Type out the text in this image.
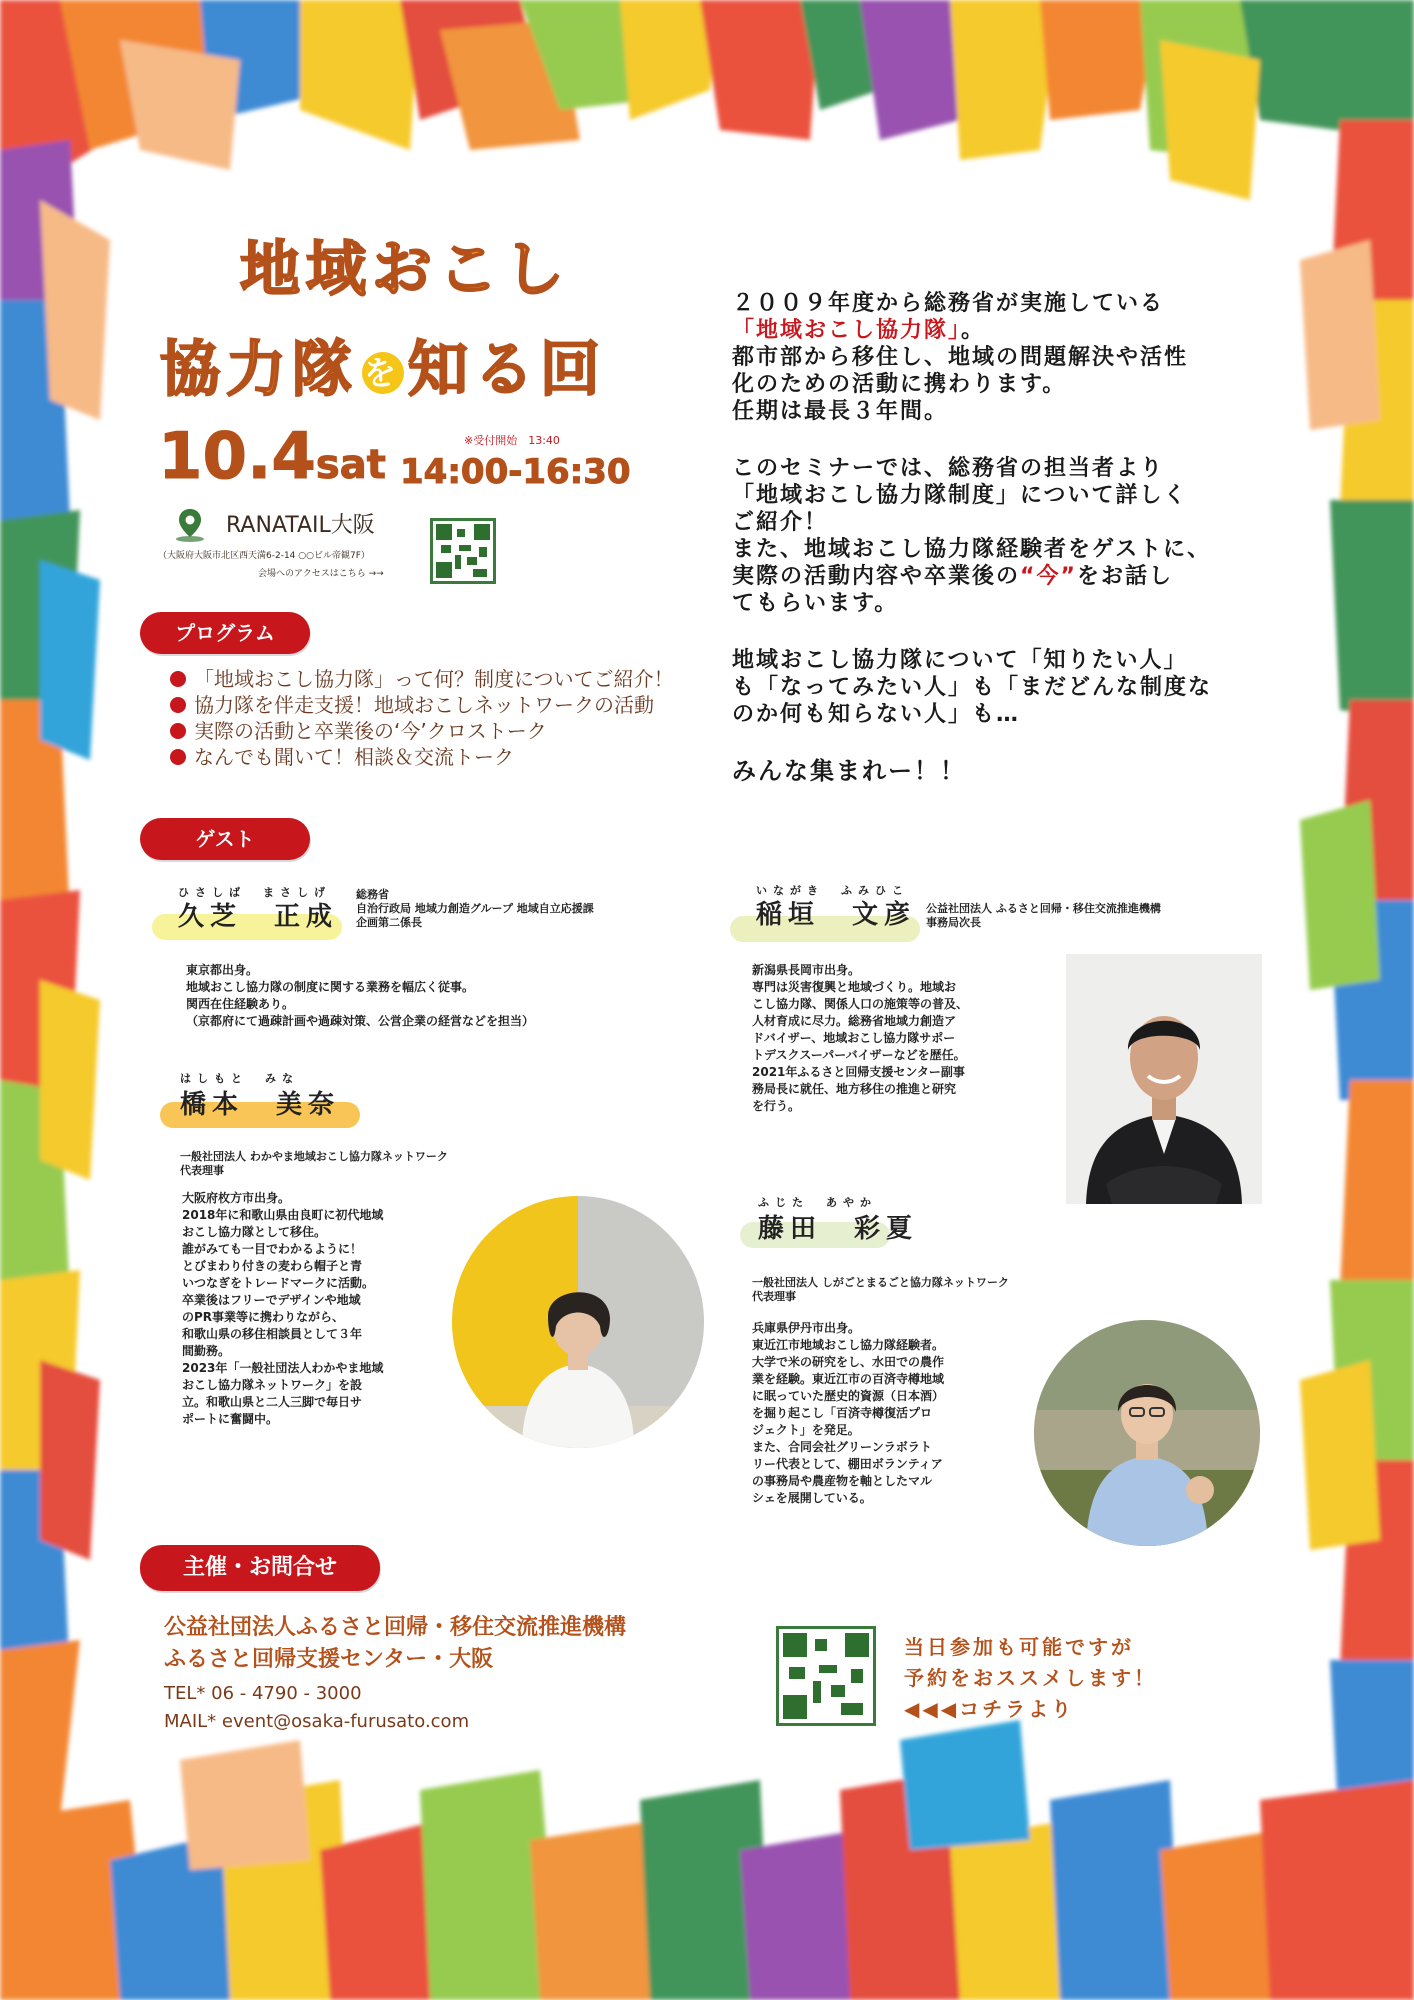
地域おこし
協力隊 を 知る回
10.4sat
※受付開始　13:40
14:00-16:30
RANATAIL大阪
（大阪府大阪市北区西天満6-2-14 ○○ビル帝観7F）
会場へのアクセスはこちら →→
プログラム
「地域おこし協力隊」って何？制度についてご紹介！
協力隊を伴走支援！地域おこしネットワークの活動
実際の活動と卒業後の‘今’クロストーク
なんでも聞いて！相談＆交流トーク

２００９年度から総務省が実施している
「地域おこし協力隊」。
都市部から移住し、地域の問題解決や活性
化のための活動に携わります。
任期は最長３年間。

このセミナーでは、総務省の担当者より
「地域おこし協力隊制度」について詳しく
ご紹介！
また、地域おこし協力隊経験者をゲストに、
実際の活動内容や卒業後の“今”をお話し
てもらいます。

地域おこし協力隊について「知りたい人」
も「なってみたい人」も「まだどんな制度な
のか何も知らない人」も…

みんな集まれー！！

ゲスト
ひさしば　まさしげ
久芝　正成
総務省
自治行政局 地域力創造グループ 地域自立応援課
企画第二係長
東京都出身。
地域おこし協力隊の制度に関する業務を幅広く従事。
関西在住経験あり。
（京都府にて過疎計画や過疎対策、公営企業の経営などを担当）
はしもと　みな
橋本　美奈
一般社団法人 わかやま地域おこし協力隊ネットワーク
代表理事
大阪府枚方市出身。
2018年に和歌山県由良町に初代地域
おこし協力隊として移住。
誰がみても一目でわかるように！
とびまわり付きの麦わら帽子と青
いつなぎをトレードマークに活動。
卒業後はフリーでデザインや地域
のPR事業等に携わりながら、
和歌山県の移住相談員として３年
間勤務。
2023年「一般社団法人わかやま地域
おこし協力隊ネットワーク」を設
立。和歌山県と二人三脚で毎日サ
ポートに奮闘中。
いながき　ふみひこ
稲垣　文彦 公益社団法人 ふるさと回帰・移住交流推進機構
事務局次長
新潟県長岡市出身。
専門は災害復興と地域づくり。地域お
こし協力隊、関係人口の施策等の普及、
人材育成に尽力。総務省地域力創造ア
ドバイザー、地域おこし協力隊サポー
トデスクスーパーバイザーなどを歴任。
2021年ふるさと回帰支援センター副事
務局長に就任、地方移住の推進と研究
を行う。
ふじた　あやか
藤田　彩夏
一般社団法人 しがごとまるごと協力隊ネットワーク
代表理事
兵庫県伊丹市出身。
東近江市地域おこし協力隊経験者。
大学で米の研究をし、水田での農作
業を経験。東近江市の百済寺樽地域
に眠っていた歴史的資源（日本酒）
を掘り起こし「百済寺樽復活プロ
ジェクト」を発足。
また、合同会社グリーンラボラト
リー代表として、棚田ボランティア
の事務局や農産物を軸としたマル
シェを展開している。
主催・お問合せ
公益社団法人ふるさと回帰・移住交流推進機構
ふるさと回帰支援センター・大阪
TEL* 06 - 4790 - 3000
MAIL* event@osaka-furusato.com
当日参加も可能ですが
予約をおススメします！
◀◀◀コチラより
